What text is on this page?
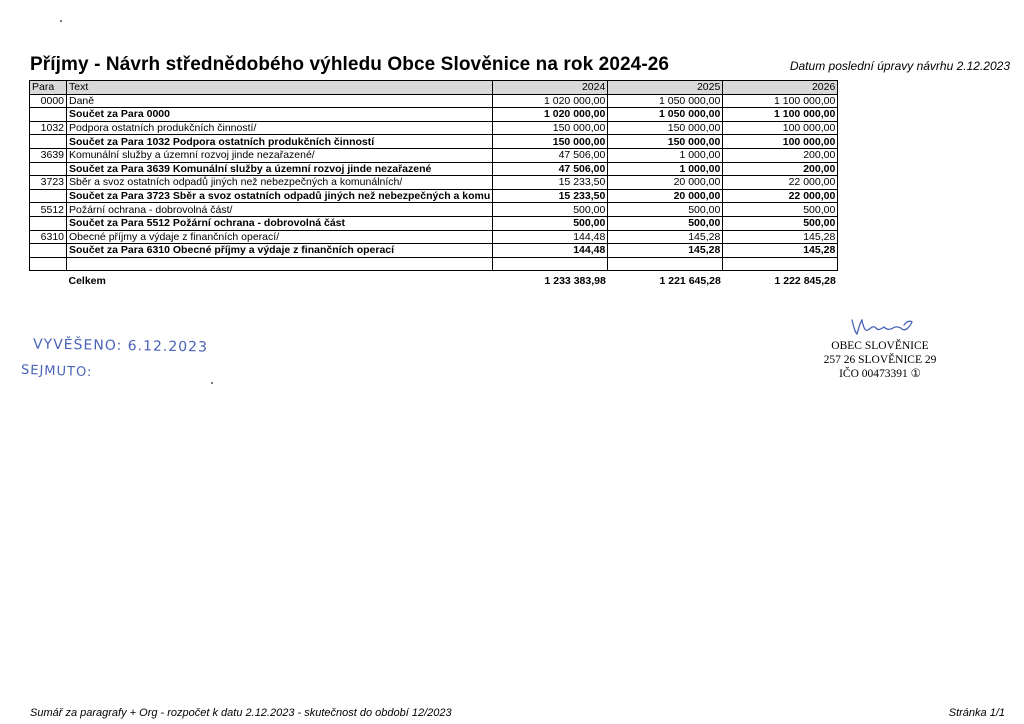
Příjmy - Návrh střednědobého výhledu Obce Slověnice na rok 2024-26	Datum poslední úpravy návrhu 2.12.2023
Para	Text	2024	2025	2026
0000	Daně	1 020 000,00	1 050 000,00	1 100 000,00
	Součet za Para 0000	1 020 000,00	1 050 000,00	1 100 000,00
1032	Podpora ostatních produkčních činností/	150 000,00	150 000,00	100 000,00
	Součet za Para 1032 Podpora ostatních produkčních činností	150 000,00	150 000,00	100 000,00
3639	Komunální služby a územní rozvoj jinde nezařazené/	47 506,00	1 000,00	200,00
	Součet za Para 3639 Komunální služby a územní rozvoj jinde nezařazené	47 506,00	1 000,00	200,00
3723	Sběr a svoz ostatních odpadů jiných než nebezpečných a komunálních/	15 233,50	20 000,00	22 000,00
	Součet za Para 3723 Sběr a svoz ostatních odpadů jiných než nebezpečných a komu	15 233,50	20 000,00	22 000,00
5512	Požární ochrana - dobrovolná část/	500,00	500,00	500,00
	Součet za Para 5512 Požární ochrana - dobrovolná část	500,00	500,00	500,00
6310	Obecné příjmy a výdaje z finančních operací/	144,48	145,28	145,28
	Součet za Para 6310 Obecné příjmy a výdaje z finančních operací	144,48	145,28	145,28

	Celkem	1 233 383,98	1 221 645,28	1 222 845,28
VYVĚŠENO: 6.12.2023
SEJMUTO:
OBEC SLOVĚNICE
257 26 SLOVĚNICE 29
IČO 00473391 ①
Sumář za paragrafy + Org - rozpočet k datu 2.12.2023 - skutečnost do období 12/2023	Stránka 1/1
